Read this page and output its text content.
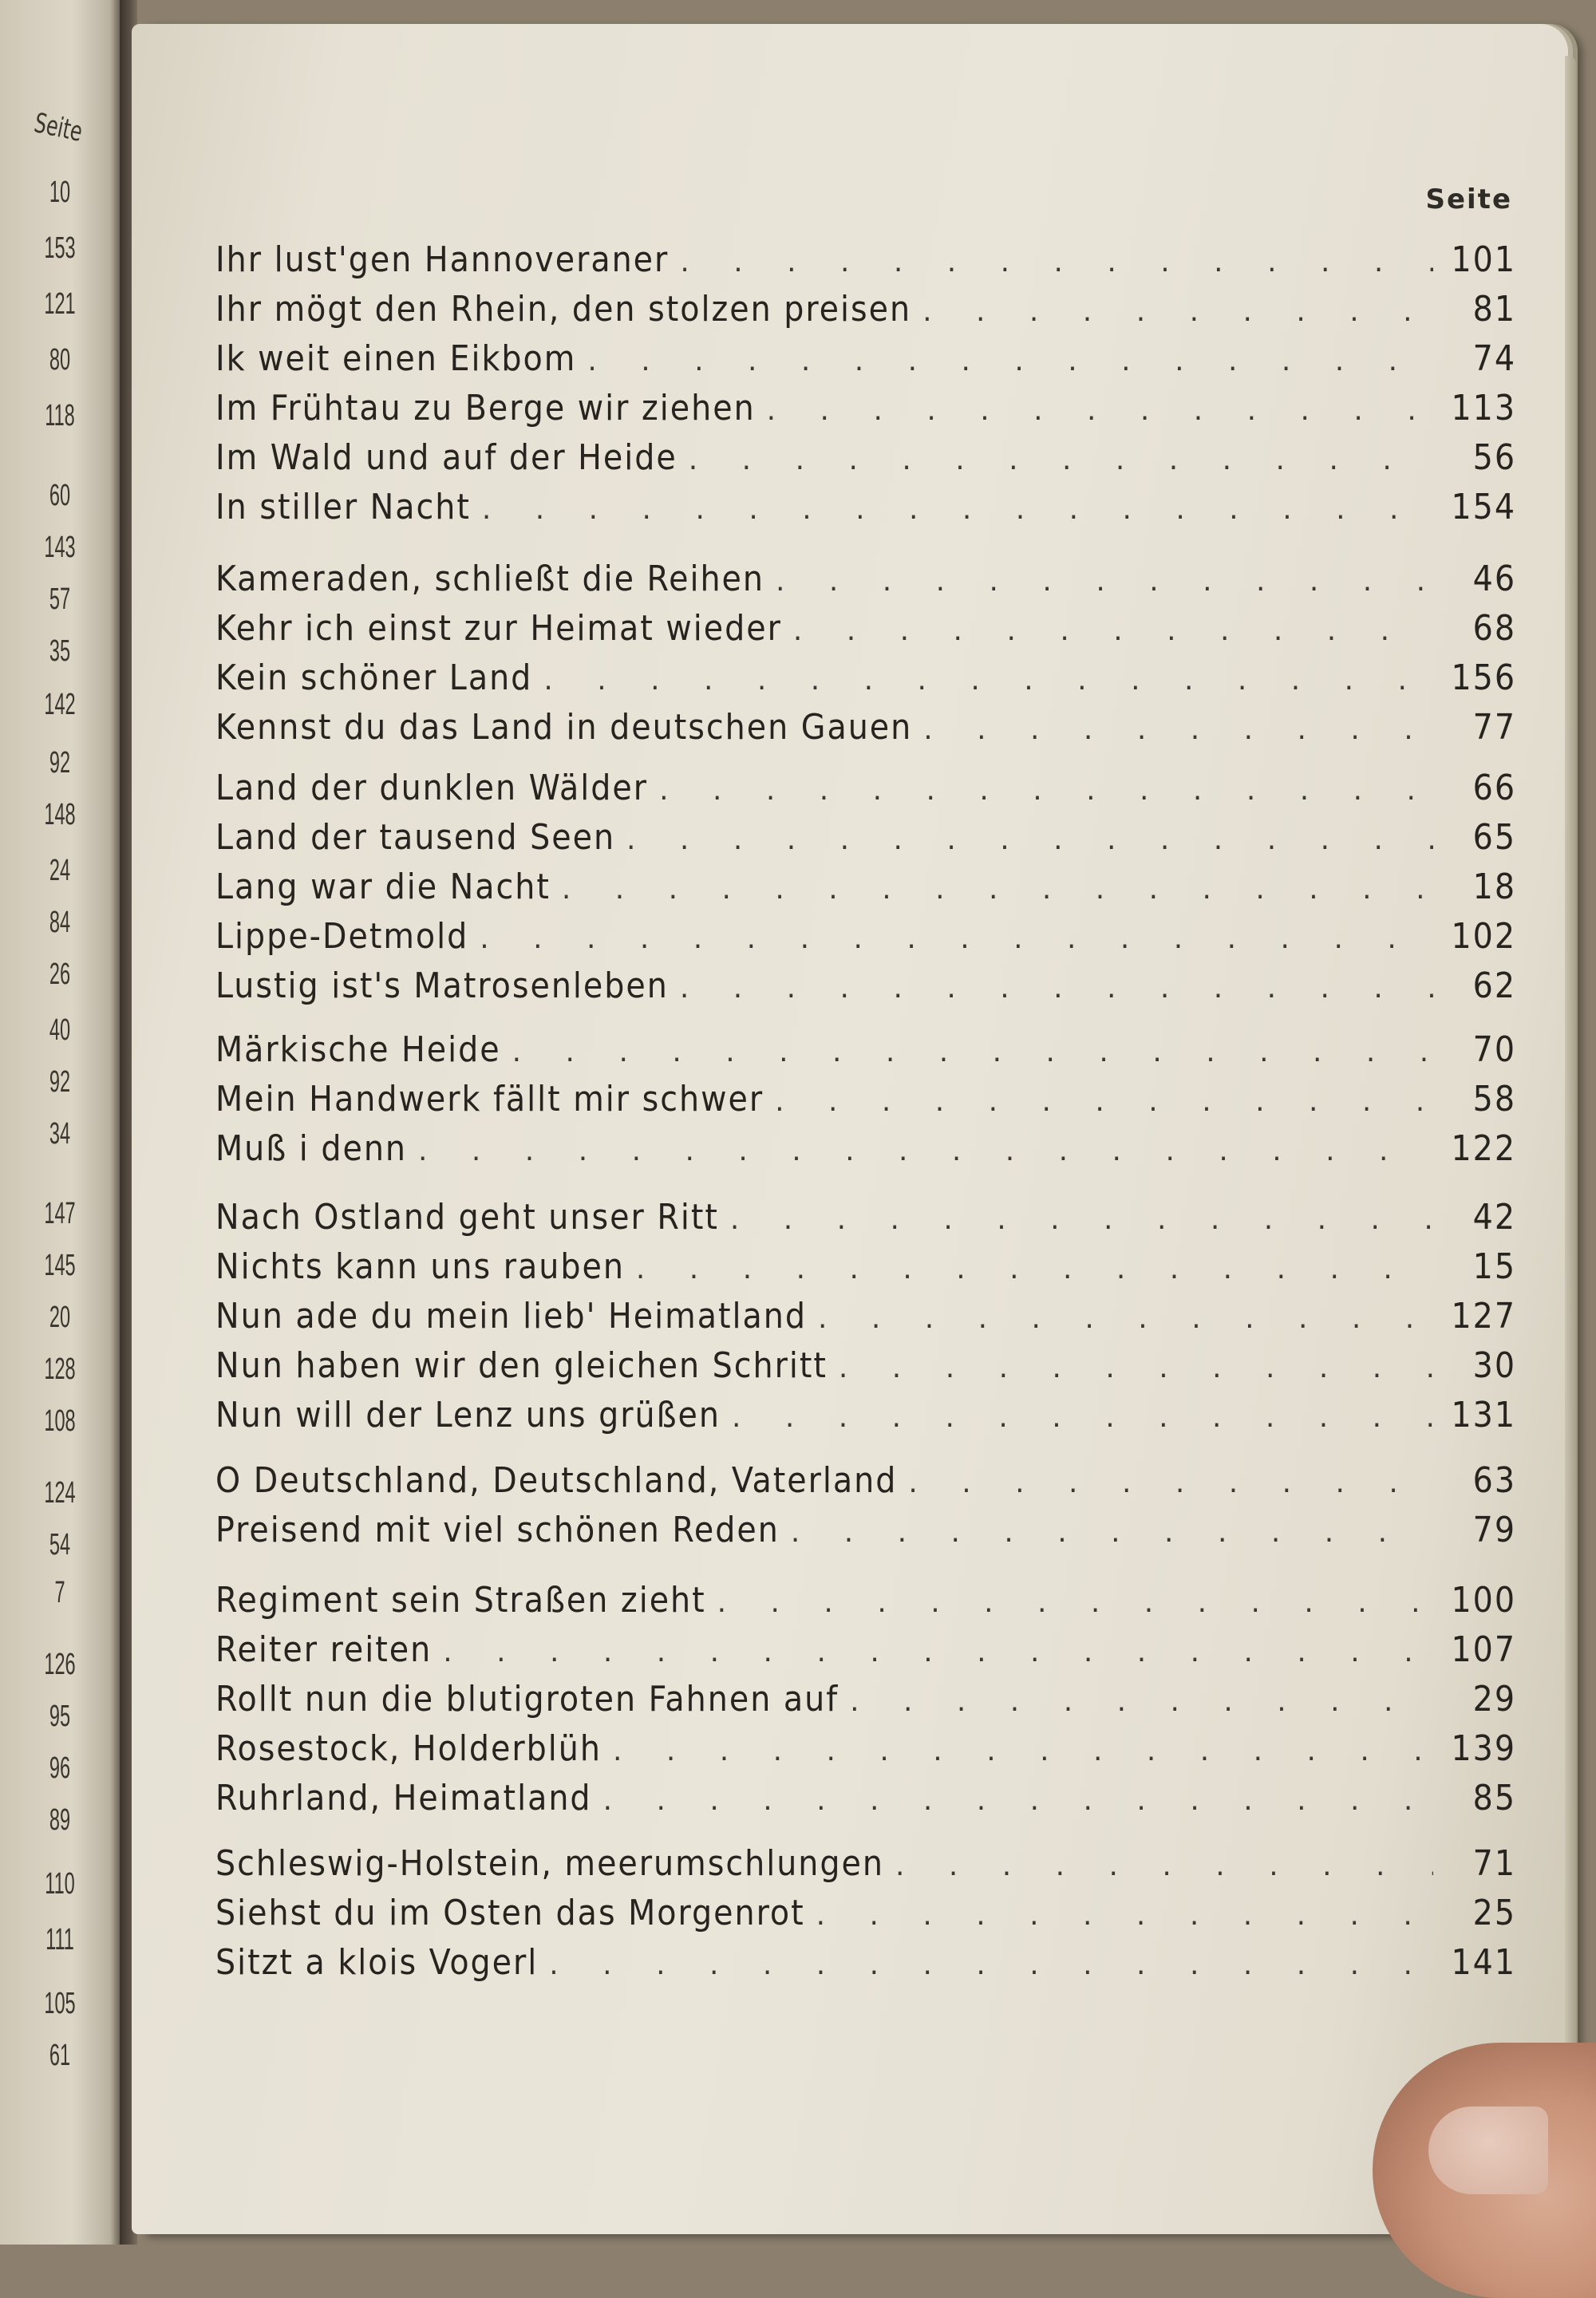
Seite
10
153
121
80
118
60
143
57
35
142
92
148
24
84
26
40
92
34
147
145
20
128
108
124
54
7
126
95
96
89
110
111
105
61
Seite
Ihr lust'gen Hannoveraner . . .	101
Ihr mögt den Rhein, den stolzen preisen . . .	81
Ik weit einen Eikbom . . .	74
Im Frühtau zu Berge wir ziehen . . .	113
Im Wald und auf der Heide . . .	56
In stiller Nacht . . .	154
Kameraden, schließt die Reihen . . .	46
Kehr ich einst zur Heimat wieder . . .	68
Kein schöner Land . . .	156
Kennst du das Land in deutschen Gauen . . .	77
Land der dunklen Wälder . . .	66
Land der tausend Seen . . .	65
Lang war die Nacht . . .	18
Lippe-Detmold . . .	102
Lustig ist's Matrosenleben . . .	62
Märkische Heide . . .	70
Mein Handwerk fällt mir schwer . . .	58
Muß i denn . . .	122
Nach Ostland geht unser Ritt . . .	42
Nichts kann uns rauben . . .	15
Nun ade du mein lieb' Heimatland . . .	127
Nun haben wir den gleichen Schritt . . .	30
Nun will der Lenz uns grüßen . . .	131
O Deutschland, Deutschland, Vaterland . . .	63
Preisend mit viel schönen Reden . . .	79
Regiment sein Straßen zieht . . .	100
Reiter reiten . . .	107
Rollt nun die blutigroten Fahnen auf . . .	29
Rosestock, Holderblüh . . .	139
Ruhrland, Heimatland . . .	85
Schleswig-Holstein, meerumschlungen . . .	71
Siehst du im Osten das Morgenrot . . .	25
Sitzt a klois Vogerl . . .	141
